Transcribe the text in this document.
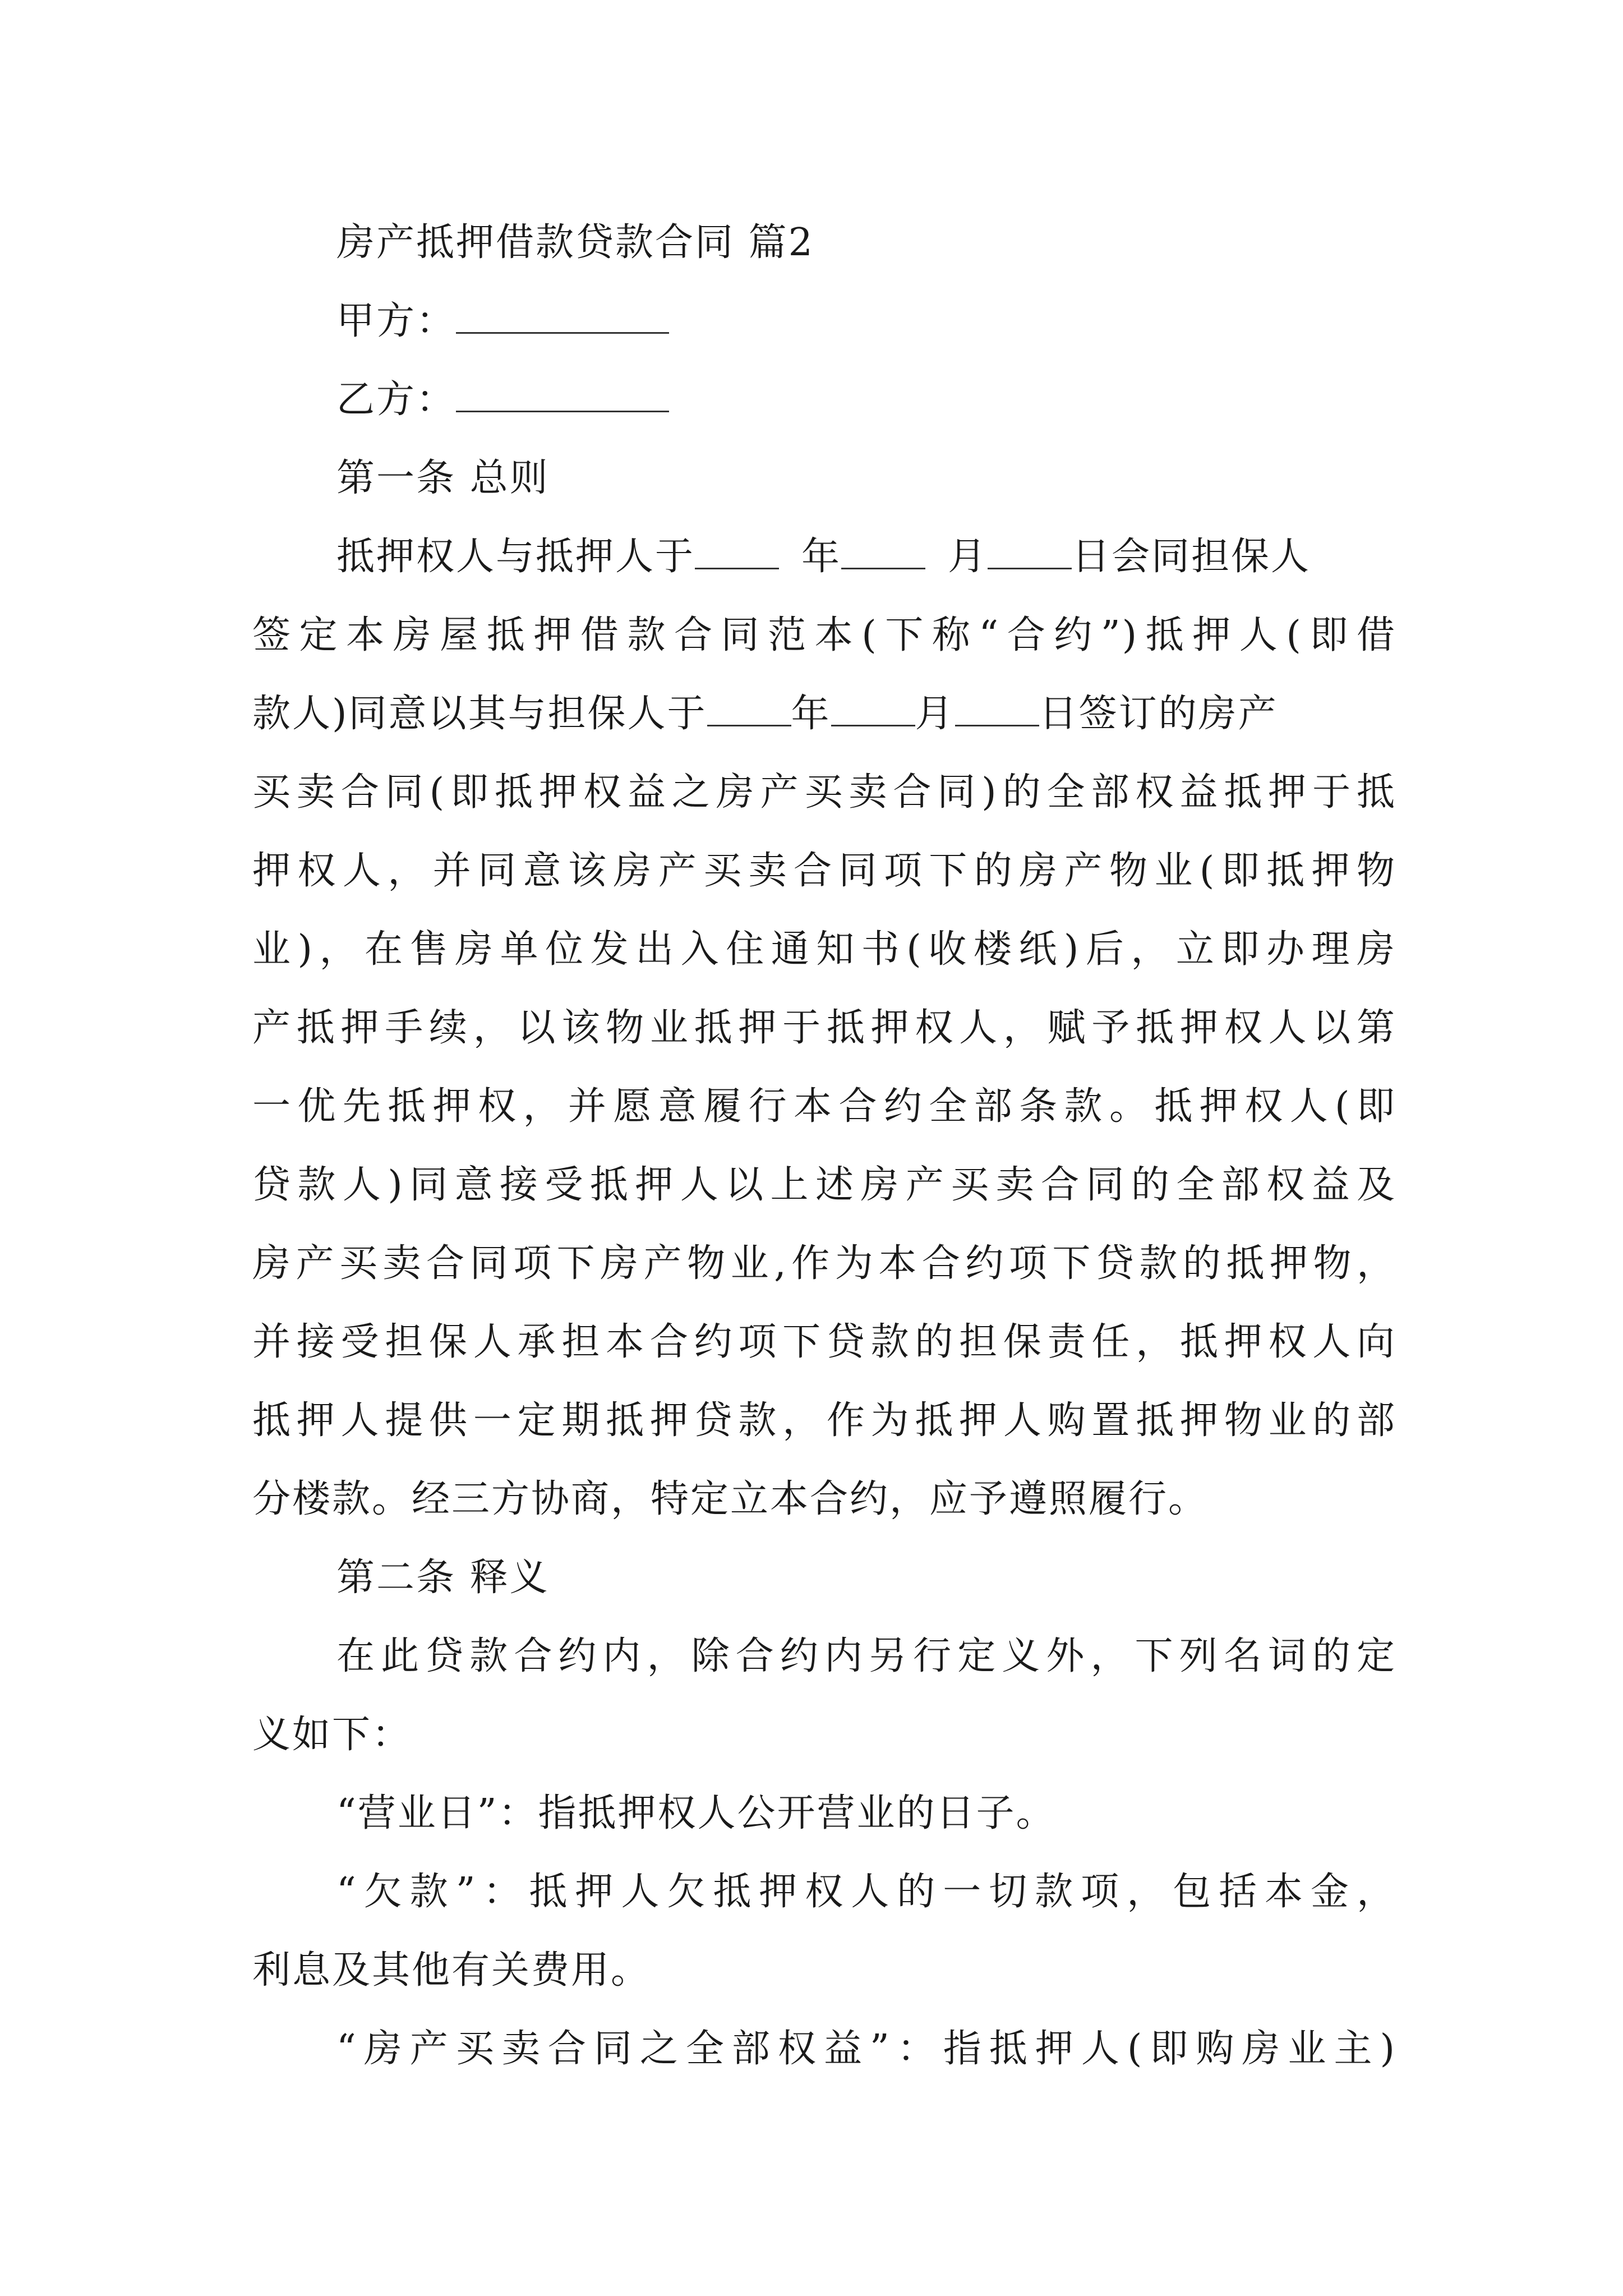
房产抵押借款贷款合同 篇2
甲方：
乙方：
第一条 总则
抵押权人与抵押人于	年	月 日会同担保人
签定本房屋抵押借款合同范本(下称“合约”)抵押人(即借
款人)同意以其与担保人于 年 月 日签订的房产
买卖合同(即抵押权益之房产买卖合同)的全部权益抵押于抵
押权人，并同意该房产买卖合同项下的房产物业(即抵押物
业)，在售房单位发出入住通知书(收楼纸)后，立即办理房
产抵押手续，以该物业抵押于抵押权人，赋予抵押权人以第
一优先抵押权，并愿意履行本合约全部条款。抵押权人(即
贷款人)同意接受抵押人以上述房产买卖合同的全部权益及
房产买卖合同项下房产物业,作为本合约项下贷款的抵押物，
并接受担保人承担本合约项下贷款的担保责任，抵押权人向
抵押人提供一定期抵押贷款，作为抵押人购置抵押物业的部
分楼款。经三方协商，特定立本合约，应予遵照履行。
第二条 释义
在此贷款合约内，除合约内另行定义外，下列名词的定
义如下：
“营业日”：指抵押权人公开营业的日子。
“欠款”：抵押人欠抵押权人的一切款项，包括本金，
利息及其他有关费用。
“房产买卖合同之全部权益”：指抵押人(即购房业主)
